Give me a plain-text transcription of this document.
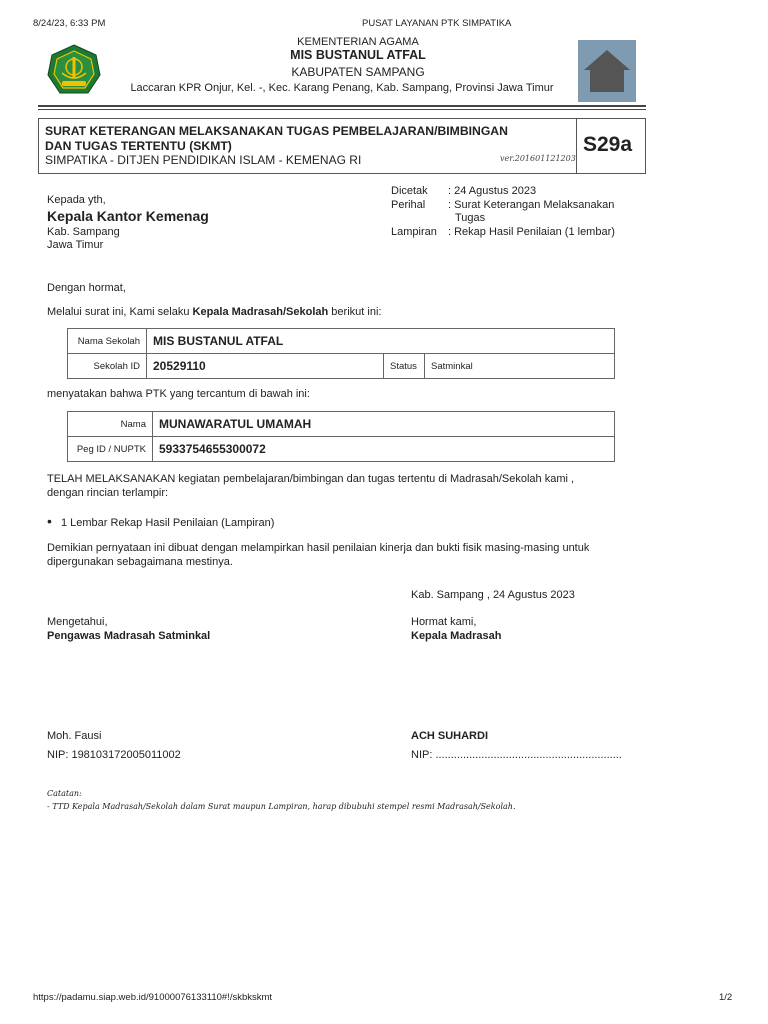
8/24/23, 6:33 PM	PUSAT LAYANAN PTK SIMPATIKA
KEMENTERIAN AGAMA
MIS BUSTANUL ATFAL
KABUPATEN SAMPANG
Laccaran KPR Onjur, Kel. -, Kec. Karang Penang, Kab. Sampang, Provinsi Jawa Timur
SURAT KETERANGAN MELAKSANAKAN TUGAS PEMBELAJARAN/BIMBINGAN
DAN TUGAS TERTENTU (SKMT)
SIMPATIKA - DITJEN PENDIDIKAN ISLAM - KEMENAG RI	ver.201601121203
S29a
Kepada yth,
Kepala Kantor Kemenag
Kab. Sampang
Jawa Timur
Dicetak : 24 Agustus 2023
Perihal : Surat Keterangan Melaksanakan
Tugas
Lampiran : Rekap Hasil Penilaian (1 lembar)
Dengan hormat,
Melalui surat ini, Kami selaku Kepala Madrasah/Sekolah berikut ini:
Nama Sekolah	MIS BUSTANUL ATFAL		
Sekolah ID	20529110	Status	Satminkal
menyatakan bahwa PTK yang tercantum di bawah ini:
Nama	MUNAWARATUL UMAMAH
Peg ID / NUPTK	5933754655300072
TELAH MELAKSANAKAN kegiatan pembelajaran/bimbingan dan tugas tertentu di Madrasah/Sekolah kami ,
dengan rincian terlampir:
• 1 Lembar Rekap Hasil Penilaian (Lampiran)
Demikian pernyataan ini dibuat dengan melampirkan hasil penilaian kinerja dan bukti fisik masing-masing untuk
dipergunakan sebagaimana mestinya.
Kab. Sampang , 24 Agustus 2023
Mengetahui,
Pengawas Madrasah Satminkal
Hormat kami,
Kepala Madrasah
Moh. Fausi
NIP: 198103172005011002
ACH SUHARDI
NIP: .............................................................
Catatan:
- TTD Kepala Madrasah/Sekolah dalam Surat maupun Lampiran, harap dibubuhi stempel resmi Madrasah/Sekolah.
https://padamu.siap.web.id/91000076133110#!/skbkskmt	1/2
